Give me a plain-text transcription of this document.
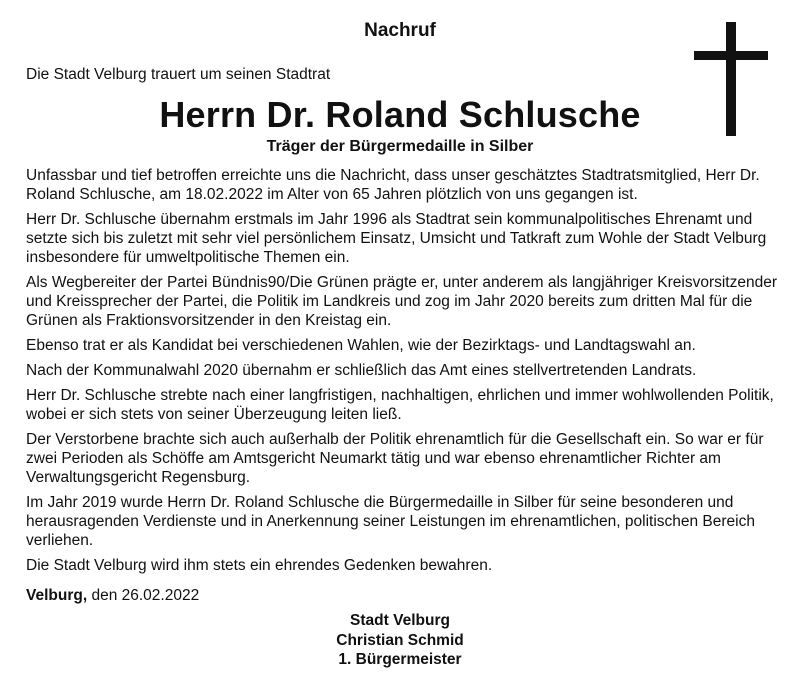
Nachruf
Die Stadt Velburg trauert um seinen Stadtrat
Herrn Dr. Roland Schlusche
Träger der Bürgermedaille in Silber

Unfassbar und tief betroffen erreichte uns die Nachricht, dass unser geschätztes Stadtratsmitglied, Herr Dr. Roland Schlusche, am 18.02.2022 im Alter von 65 Jahren plötzlich von uns gegangen ist.

Herr Dr. Schlusche übernahm erstmals im Jahr 1996 als Stadtrat sein kommunalpolitisches Ehrenamt und setzte sich bis zuletzt mit sehr viel persönlichem Einsatz, Umsicht und Tatkraft zum Wohle der Stadt Velburg insbesondere für umweltpolitische Themen ein.

Als Wegbereiter der Partei Bündnis90/Die Grünen prägte er, unter anderem als langjähriger Kreisvorsitzender und Kreissprecher der Partei, die Politik im Landkreis und zog im Jahr 2020 bereits zum dritten Mal für die Grünen als Fraktionsvorsitzender in den Kreistag ein.

Ebenso trat er als Kandidat bei verschiedenen Wahlen, wie der Bezirktags- und Landtagswahl an.

Nach der Kommunalwahl 2020 übernahm er schließlich das Amt eines stellvertretenden Landrats.

Herr Dr. Schlusche strebte nach einer langfristigen, nachhaltigen, ehrlichen und immer wohlwollenden Politik, wobei er sich stets von seiner Überzeugung leiten ließ.

Der Verstorbene brachte sich auch außerhalb der Politik ehrenamtlich für die Gesellschaft ein. So war er für zwei Perioden als Schöffe am Amtsgericht Neumarkt tätig und war ebenso ehrenamtlicher Richter am Verwaltungsgericht Regensburg.

Im Jahr 2019 wurde Herrn Dr. Roland Schlusche die Bürgermedaille in Silber für seine besonderen und herausragenden Verdienste und in Anerkennung seiner Leistungen im ehrenamtlichen, politischen Bereich verliehen.

Die Stadt Velburg wird ihm stets ein ehrendes Gedenken bewahren.

Velburg, den 26.02.2022
Stadt Velburg
Christian Schmid
1. Bürgermeister
